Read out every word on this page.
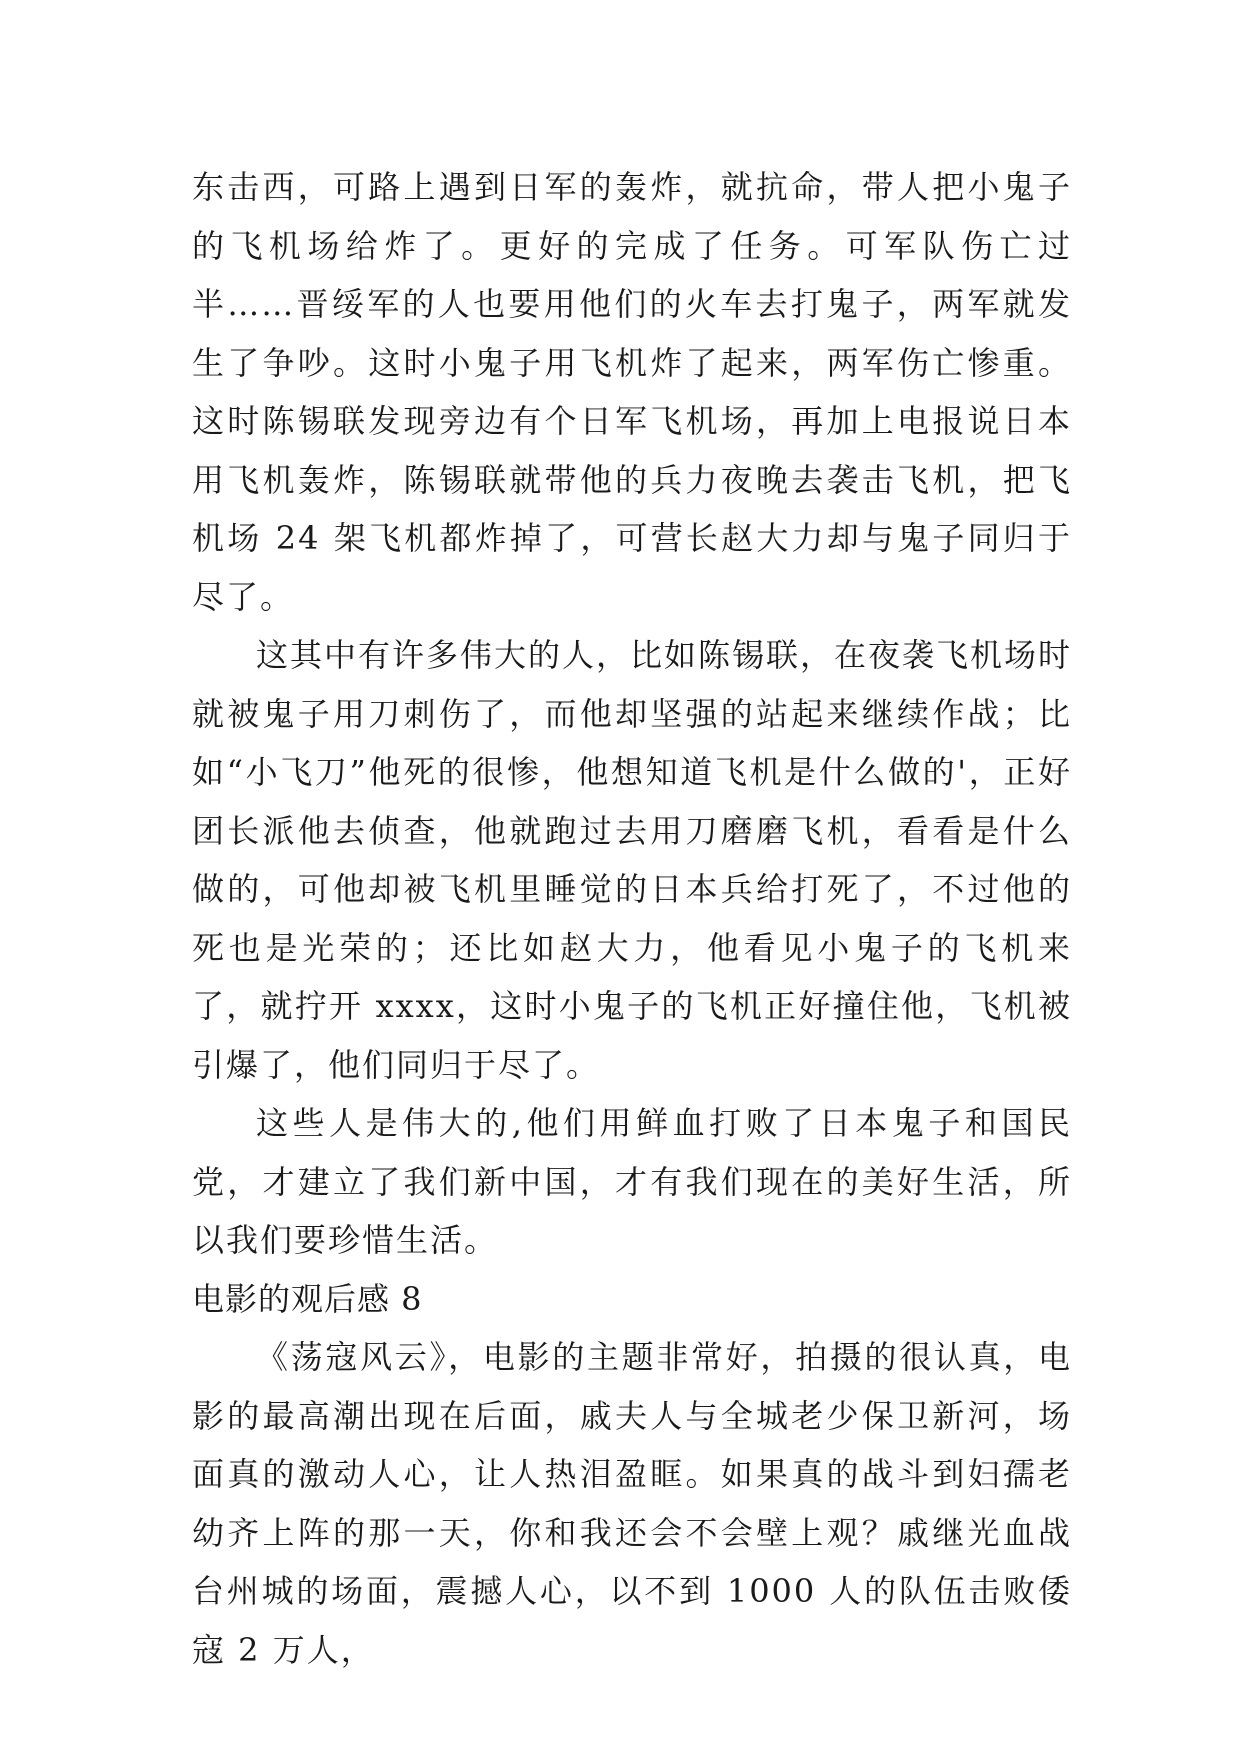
东击西，可路上遇到日军的轰炸，就抗命，带人把小鬼子的飞机场给炸了。更好的完成了任务。可军队伤亡过半……晋绥军的人也要用他们的火车去打鬼子，两军就发生了争吵。这时小鬼子用飞机炸了起来，两军伤亡惨重。这时陈锡联发现旁边有个日军飞机场，再加上电报说日本用飞机轰炸，陈锡联就带他的兵力夜晚去袭击飞机，把飞机场 24 架飞机都炸掉了，可营长赵大力却与鬼子同归于尽了。

这其中有许多伟大的人，比如陈锡联，在夜袭飞机场时就被鬼子用刀刺伤了，而他却坚强的站起来继续作战；比如“小飞刀”他死的很惨，他想知道飞机是什么做的'，正好团长派他去侦查，他就跑过去用刀磨磨飞机，看看是什么做的，可他却被飞机里睡觉的日本兵给打死了，不过他的死也是光荣的；还比如赵大力，他看见小鬼子的飞机来了，就拧开 xxxx，这时小鬼子的飞机正好撞住他，飞机被引爆了，他们同归于尽了。

这些人是伟大的,他们用鲜血打败了日本鬼子和国民党，才建立了我们新中国，才有我们现在的美好生活，所以我们要珍惜生活。

电影的观后感 8

《荡寇风云》，电影的主题非常好，拍摄的很认真，电影的最高潮出现在后面，戚夫人与全城老少保卫新河，场面真的激动人心，让人热泪盈眶。如果真的战斗到妇孺老幼齐上阵的那一天，你和我还会不会壁上观？戚继光血战台州城的场面，震撼人心，以不到 1000 人的队伍击败倭寇 2 万人，
